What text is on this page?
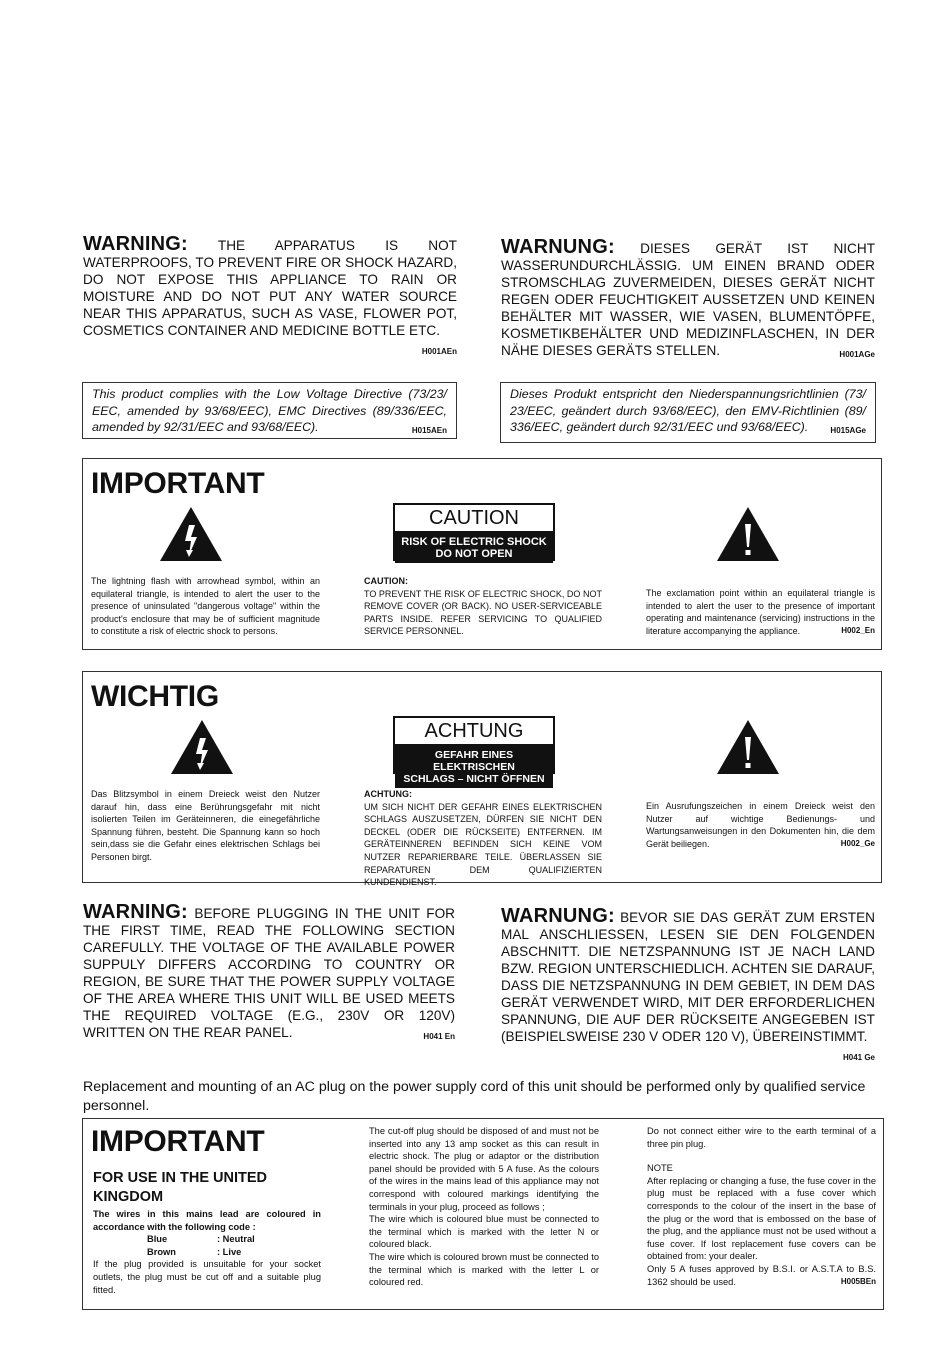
WARNING: THE APPARATUS IS NOT WATERPROOFS, TO PREVENT FIRE OR SHOCK HAZARD, DO NOT EXPOSE THIS APPLIANCE TO RAIN OR MOISTURE AND DO NOT PUT ANY WATER SOURCE NEAR THIS APPARATUS, SUCH AS VASE, FLOWER POT, COSMETICS CONTAINER AND MEDICINE BOTTLE ETC.
H001AEn
WARNUNG: DIESES GERÄT IST NICHT WASSERUNDURCHLÄSSIG. UM EINEN BRAND ODER STROMSCHLAG ZUVERMEIDEN, DIESES GERÄT NICHT REGEN ODER FEUCHTIGKEIT AUSSETZEN UND KEINEN BEHÄLTER MIT WASSER, WIE VASEN, BLUMENTÖPFE, KOSMETIKBEHÄLTER UND MEDIZINFLASCHEN, IN DER NÄHE DIESES GERÄTS STELLEN.	H001AGe
This product complies with the Low Voltage Directive (73/23/ EEC, amended by 93/68/EEC), EMC Directives (89/336/EEC, amended by 92/31/EEC and 93/68/EEC).	H015AEn
Dieses Produkt entspricht den Niederspannungsrichtlinien (73/ 23/EEC, geändert durch 93/68/EEC), den EMV-Richtlinien (89/ 336/EEC, geändert durch 92/31/EEC und 93/68/EEC).	H015AGe
IMPORTANT
CAUTION
RISK OF ELECTRIC SHOCK
DO NOT OPEN
The lightning flash with arrowhead symbol, within an equilateral triangle, is intended to alert the user to the presence of uninsulated "dangerous voltage" within the product's enclosure that may be of sufficient magnitude to constitute a risk of electric shock to persons.
CAUTION:
TO PREVENT THE RISK OF ELECTRIC SHOCK, DO NOT REMOVE COVER (OR BACK). NO USER-SERVICEABLE PARTS INSIDE. REFER SERVICING TO QUALIFIED SERVICE PERSONNEL.
The exclamation point within an equilateral triangle is intended to alert the user to the presence of important operating and maintenance (servicing) instructions in the literature accompanying the appliance.	H002_En
WICHTIG
ACHTUNG
GEFAHR EINES ELEKTRISCHEN
SCHLAGS – NICHT ÖFFNEN
Das Blitzsymbol in einem Dreieck weist den Nutzer darauf hin, dass eine Berührungsgefahr mit nicht isolierten Teilen im Geräteinneren, die einegefährliche Spannung führen, besteht. Die Spannung kann so hoch sein,dass sie die Gefahr eines elektrischen Schlags bei Personen birgt.
ACHTUNG:
UM SICH NICHT DER GEFAHR EINES ELEKTRISCHEN SCHLAGS AUSZUSETZEN, DÜRFEN SIE NICHT DEN DECKEL (ODER DIE RÜCKSEITE) ENTFERNEN. IM GERÄTEINNEREN BEFINDEN SICH KEINE VOM NUTZER REPARIERBARE TEILE. ÜBERLASSEN SIE REPARATUREN DEM QUALIFIZIERTEN KUNDENDIENST.
Ein Ausrufungszeichen in einem Dreieck weist den Nutzer auf wichtige Bedienungs- und Wartungsanweisungen in den Dokumenten hin, die dem Gerät beiliegen.	H002_Ge
WARNING: BEFORE PLUGGING IN THE UNIT FOR THE FIRST TIME, READ THE FOLLOWING SECTION CAREFULLY. THE VOLTAGE OF THE AVAILABLE POWER SUPPULY DIFFERS ACCORDING TO COUNTRY OR REGION, BE SURE THAT THE POWER SUPPLY VOLTAGE OF THE AREA WHERE THIS UNIT WILL BE USED MEETS THE REQUIRED VOLTAGE (E.G., 230V OR 120V) WRITTEN ON THE REAR PANEL.	H041 En
WARNUNG: BEVOR SIE DAS GERÄT ZUM ERSTEN MAL ANSCHLIESSEN, LESEN SIE DEN FOLGENDEN ABSCHNITT. DIE NETZSPANNUNG IST JE NACH LAND BZW. REGION UNTERSCHIEDLICH. ACHTEN SIE DARAUF, DASS DIE NETZSPANNUNG IN DEM GEBIET, IN DEM DAS GERÄT VERWENDET WIRD, MIT DER ERFORDERLICHEN SPANNUNG, DIE AUF DER RÜCKSEITE ANGEGEBEN IST (BEISPIELSWEISE 230 V ODER 120 V), ÜBEREINSTIMMT.
H041 Ge
Replacement and mounting of an AC plug on the power supply cord of this unit should be performed only by qualified service personnel.
IMPORTANT
FOR USE IN THE UNITED KINGDOM
The wires in this mains lead are coloured in accordance with the following code :
Blue	: Neutral
Brown	: Live
If the plug provided is unsuitable for your socket outlets, the plug must be cut off and a suitable plug fitted.
The cut-off plug should be disposed of and must not be inserted into any 13 amp socket as this can result in electric shock. The plug or adaptor or the distribution panel should be provided with 5 A fuse. As the colours of the wires in the mains lead of this appliance may not correspond with coloured markings identifying the terminals in your plug, proceed as follows ;
The wire which is coloured blue must be connected to the terminal which is marked with the letter N or coloured black.
The wire which is coloured brown must be connected to the terminal which is marked with the letter L or coloured red.
Do not connect either wire to the earth terminal of a three pin plug.
NOTE
After replacing or changing a fuse, the fuse cover in the plug must be replaced with a fuse cover which corresponds to the colour of the insert in the base of the plug or the word that is embossed on the base of the plug, and the appliance must not be used without a fuse cover. If lost replacement fuse covers can be obtained from: your dealer.
Only 5 A fuses approved by B.S.I. or A.S.T.A to B.S. 1362 should be used.	H005BEn
